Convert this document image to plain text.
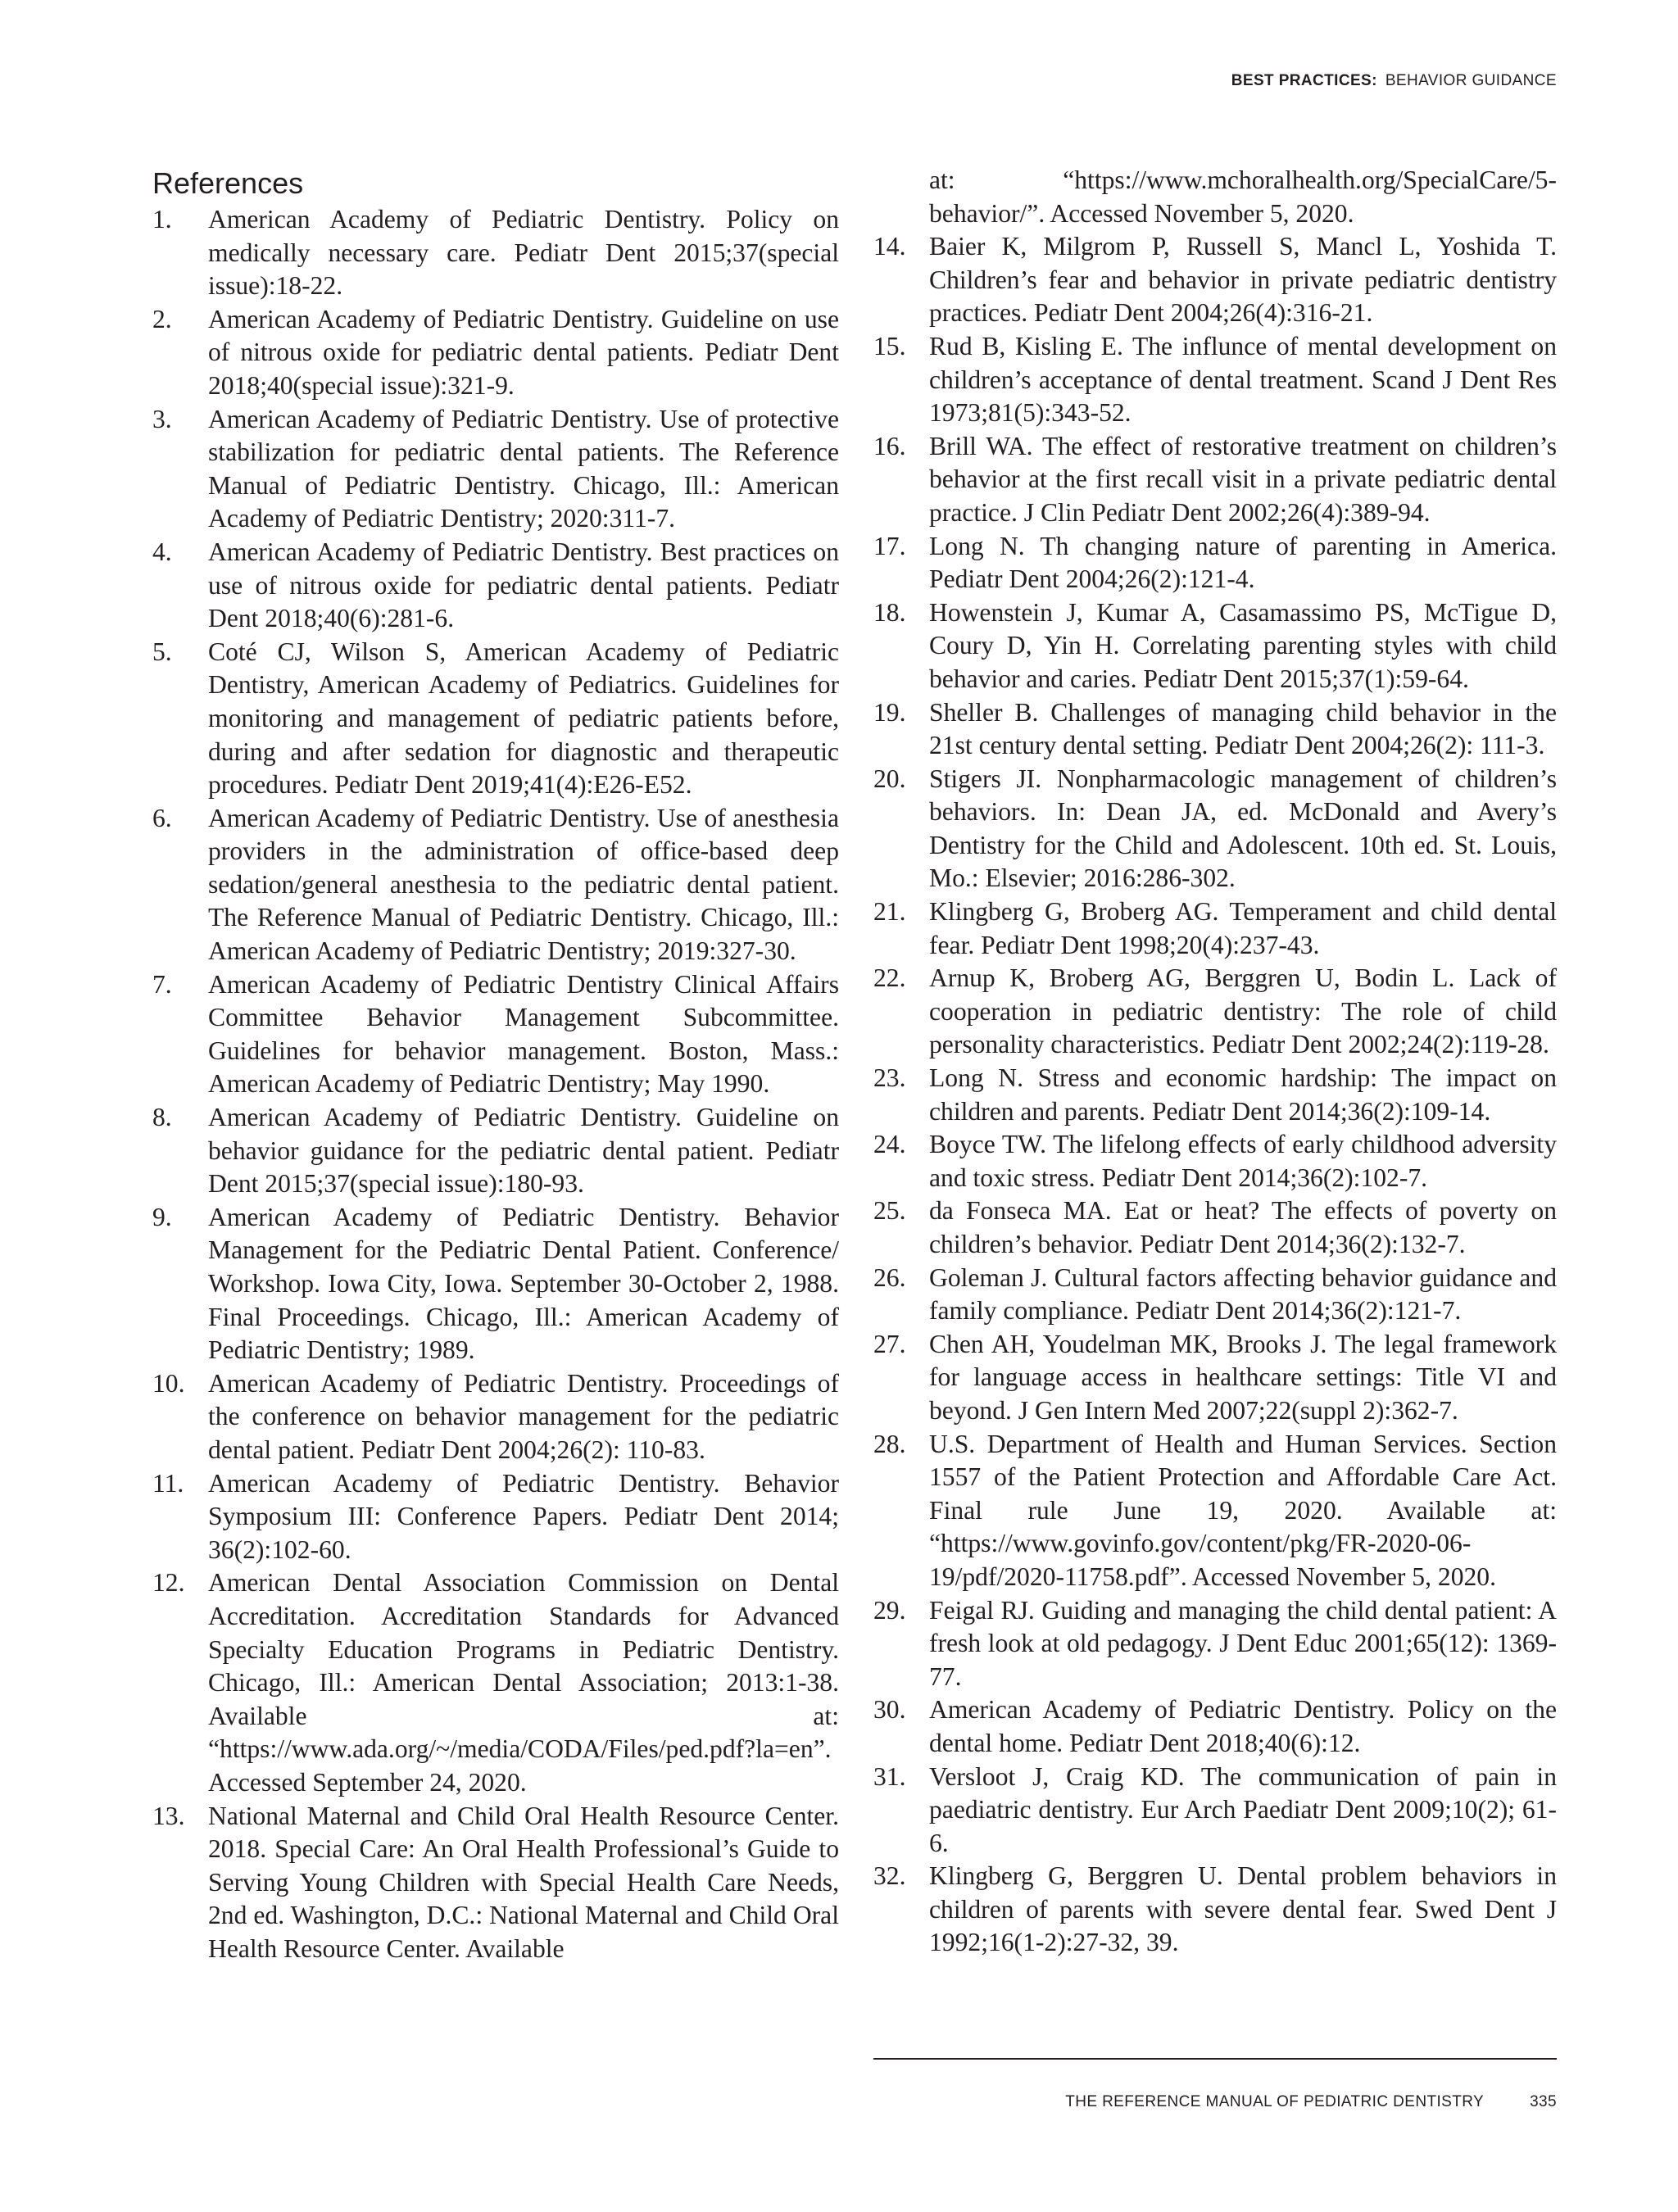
BEST PRACTICES: BEHAVIOR GUIDANCE
References
1.	American Academy of Pediatric Dentistry. Policy on medically necessary care. Pediatr Dent 2015;37(special issue):18-22.
2.	American Academy of Pediatric Dentistry. Guideline on use of nitrous oxide for pediatric dental patients. Pediatr Dent 2018;40(special issue):321-9.
3.	American Academy of Pediatric Dentistry. Use of protective stabilization for pediatric dental patients. The Reference Manual of Pediatric Dentistry. Chicago, Ill.: American Academy of Pediatric Dentistry; 2020:311-7.
4.	American Academy of Pediatric Dentistry. Best practices on use of nitrous oxide for pediatric dental patients. Pediatr Dent 2018;40(6):281-6.
5.	Coté CJ, Wilson S, American Academy of Pediatric Dentistry, American Academy of Pediatrics. Guidelines for monitoring and management of pediatric patients before, during and after sedation for diagnostic and therapeutic procedures. Pediatr Dent 2019;41(4):E26-E52.
6.	American Academy of Pediatric Dentistry. Use of anesthesia providers in the administration of office-based deep sedation/general anesthesia to the pediatric dental patient. The Reference Manual of Pediatric Dentistry. Chicago, Ill.: American Academy of Pediatric Dentistry; 2019:327-30.
7.	American Academy of Pediatric Dentistry Clinical Affairs Committee Behavior Management Subcommittee. Guidelines for behavior management. Boston, Mass.: American Academy of Pediatric Dentistry; May 1990.
8.	American Academy of Pediatric Dentistry. Guideline on behavior guidance for the pediatric dental patient. Pediatr Dent 2015;37(special issue):180-93.
9.	American Academy of Pediatric Dentistry. Behavior Management for the Pediatric Dental Patient. Conference/ Workshop. Iowa City, Iowa. September 30-October 2, 1988. Final Proceedings. Chicago, Ill.: American Academy of Pediatric Dentistry; 1989.
10. American Academy of Pediatric Dentistry. Proceedings of the conference on behavior management for the pediatric dental patient. Pediatr Dent 2004;26(2): 110-83.
11. American Academy of Pediatric Dentistry. Behavior Symposium III: Conference Papers. Pediatr Dent 2014; 36(2):102-60.
12. American Dental Association Commission on Dental Accreditation. Accreditation Standards for Advanced Specialty Education Programs in Pediatric Dentistry. Chicago, Ill.: American Dental Association; 2013:1-38. Available at: “https://www.ada.org/~/media/CODA/Files/ped.pdf?la=en”. Accessed September 24, 2020.
13. National Maternal and Child Oral Health Resource Center. 2018. Special Care: An Oral Health Professional’s Guide to Serving Young Children with Special Health Care Needs, 2nd ed. Washington, D.C.: National Maternal and Child Oral Health Resource Center. Available
at: “https://www.mchoralhealth.org/SpecialCare/5-behavior/”. Accessed November 5, 2020.
14. Baier K, Milgrom P, Russell S, Mancl L, Yoshida T. Children’s fear and behavior in private pediatric dentistry practices. Pediatr Dent 2004;26(4):316-21.
15. Rud B, Kisling E. The influnce of mental development on children’s acceptance of dental treatment. Scand J Dent Res 1973;81(5):343-52.
16. Brill WA. The effect of restorative treatment on children’s behavior at the first recall visit in a private pediatric dental practice. J Clin Pediatr Dent 2002;26(4):389-94.
17. Long N. Th changing nature of parenting in America. Pediatr Dent 2004;26(2):121-4.
18. Howenstein J, Kumar A, Casamassimo PS, McTigue D, Coury D, Yin H. Correlating parenting styles with child behavior and caries. Pediatr Dent 2015;37(1):59-64.
19. Sheller B. Challenges of managing child behavior in the 21st century dental setting. Pediatr Dent 2004;26(2): 111-3.
20. Stigers JI. Nonpharmacologic management of children’s behaviors. In: Dean JA, ed. McDonald and Avery’s Dentistry for the Child and Adolescent. 10th ed. St. Louis, Mo.: Elsevier; 2016:286-302.
21. Klingberg G, Broberg AG. Temperament and child dental fear. Pediatr Dent 1998;20(4):237-43.
22. Arnup K, Broberg AG, Berggren U, Bodin L. Lack of cooperation in pediatric dentistry: The role of child personality characteristics. Pediatr Dent 2002;24(2):119-28.
23. Long N. Stress and economic hardship: The impact on children and parents. Pediatr Dent 2014;36(2):109-14.
24. Boyce TW. The lifelong effects of early childhood adversity and toxic stress. Pediatr Dent 2014;36(2):102-7.
25. da Fonseca MA. Eat or heat? The effects of poverty on children’s behavior. Pediatr Dent 2014;36(2):132-7.
26. Goleman J. Cultural factors affecting behavior guidance and family compliance. Pediatr Dent 2014;36(2):121-7.
27. Chen AH, Youdelman MK, Brooks J. The legal framework for language access in healthcare settings: Title VI and beyond. J Gen Intern Med 2007;22(suppl 2):362-7.
28. U.S. Department of Health and Human Services. Section 1557 of the Patient Protection and Affordable Care Act. Final rule June 19, 2020. Available at: “https://www.govinfo.gov/content/pkg/FR-2020-06-19/pdf/2020-11758.pdf”. Accessed November 5, 2020.
29. Feigal RJ. Guiding and managing the child dental patient: A fresh look at old pedagogy. J Dent Educ 2001;65(12): 1369-77.
30. American Academy of Pediatric Dentistry. Policy on the dental home. Pediatr Dent 2018;40(6):12.
31. Versloot J, Craig KD. The communication of pain in paediatric dentistry. Eur Arch Paediatr Dent 2009;10(2); 61-6.
32. Klingberg G, Berggren U. Dental problem behaviors in children of parents with severe dental fear. Swed Dent J 1992;16(1-2):27-32, 39.
THE REFERENCE MANUAL OF PEDIATRIC DENTISTRY	335
